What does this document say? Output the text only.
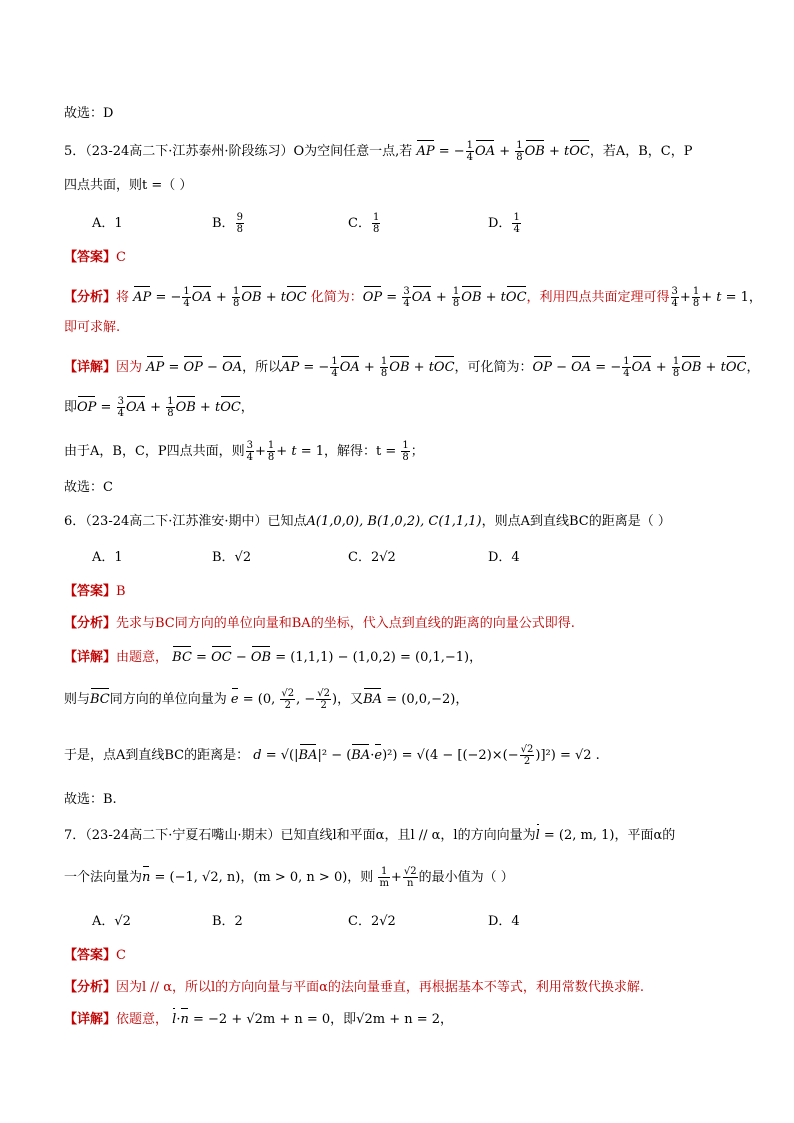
故选：D
5．（23-24高二下·江苏泰州·阶段练习）O为空间任意一点,若 AP = − $\frac{1}{4}$ OA + $\frac{1}{8}$ OB + tOC，若A，B，C，P
四点共面，则t =（ ）
A．1	B． $\frac{9}{8}$	C． $\frac{1}{8}$	D． $\frac{1}{4}$
【答案】C
【分析】将 AP = − $\frac{1}{4}$ OA + $\frac{1}{8}$ OB + tOC 化简为：OP = $\frac{3}{4}$ OA + $\frac{1}{8}$ OB + tOC，利用四点共面定理可得 $\frac{3}{4} + \frac{1}{8} + t = 1$，
即可求解.
【详解】因为 AP = OP − OA，所以AP = − $\frac{1}{4}$ OA + $\frac{1}{8}$ OB + tOC，可化简为：OP − OA = − $\frac{1}{4}$ OA + $\frac{1}{8}$ OB + tOC，
即OP = $\frac{3}{4}$ OA + $\frac{1}{8}$ OB + tOC，
由于A，B，C，P四点共面，则 $\frac{3}{4} + \frac{1}{8} + t = 1$，解得：$t = \frac{1}{8}$ ；
故选：C
6．（23-24高二下·江苏淮安·期中）已知点A(1,0,0), B(1,0,2), C(1,1,1)，则点A到直线BC的距离是（ ）
A．1	B．√2	C．2√2	D．4
【答案】B
【分析】先求与BC同方向的单位向量和BA的坐标，代入点到直线的距离的向量公式即得.
【详解】由题意， BC = OC − OB = (1,1,1) − (1,0,2) = (0,1,−1)，
则与BC同方向的单位向量为 e = (0, $\frac{√2}{2}$ , − $\frac{√2}{2}$ )，又BA = (0,0,−2)，
于是，点A到直线BC的距离是： $d = √(|BA|^2 - (BA\cdot e)^2) = √(4 - [(-2)\times(- \frac{√2}{2} )]^2) = √2$ .
故选：B.
7．（23-24高二下·宁夏石嘴山·期末）已知直线l和平面α，且l // α，l的方向向量为l = (2, m, 1)，平面α的
一个法向量为n = (−1, √2, n)，(m > 0, n > 0)，则 $\frac{1}{m} + \frac{√2}{n}$ 的最小值为（ ）
A．√2	B．2	C．2√2	D．4
【答案】C
【分析】因为l // α，所以l的方向向量与平面α的法向量垂直，再根据基本不等式，利用常数代换求解.
【详解】依题意， l·n = −2 + √2m + n = 0，即√2m + n = 2，
